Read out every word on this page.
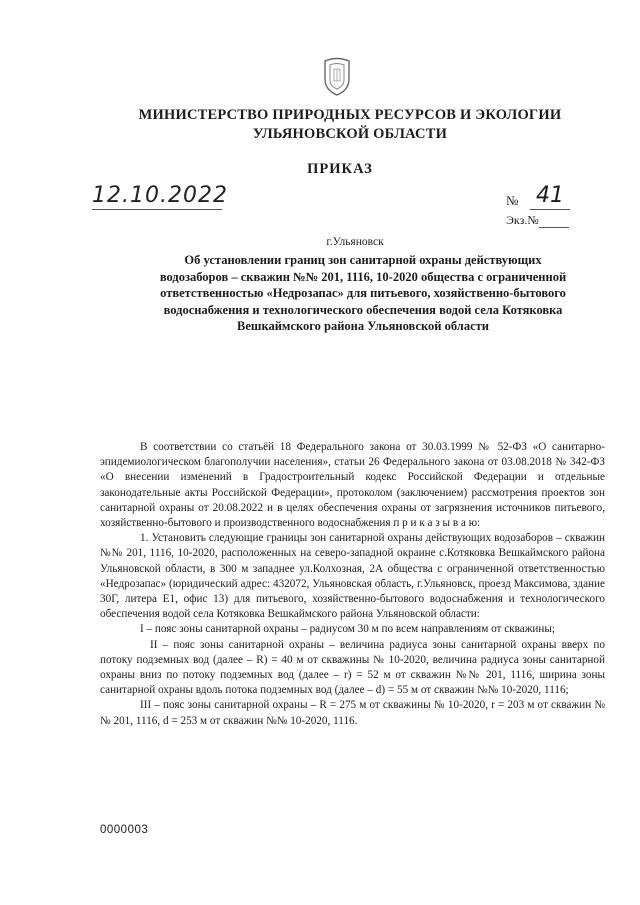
МИНИСТЕРСТВО ПРИРОДНЫХ РЕСУРСОВ И ЭКОЛОГИИ
УЛЬЯНОВСКОЙ ОБЛАСТИ
ПРИКАЗ
12.10.2022	№ 41
Экз.№
г.Ульяновск
Об установлении границ зон санитарной охраны действующих
водозаборов – скважин №№ 201, 1116, 10-2020 общества с ограниченной
ответственностью «Недрозапас» для питьевого, хозяйственно-бытового
водоснабжения и технологического обеспечения водой села Котяковка
Вешкаймского района Ульяновской области

В соответствии со статьёй 18 Федерального закона от 30.03.1999 № 52-ФЗ «О санитарно-эпидемиологическом благополучии населения», статьи 26 Федерального закона от 03.08.2018 № 342-ФЗ «О внесении изменений в Градостроительный кодекс Российской Федерации и отдельные законодательные акты Российской Федерации», протоколом (заключением) рассмотрения проектов зон санитарной охраны от 20.08.2022 и в целях обеспечения охраны от загрязнения источников питьевого, хозяйственно-бытового и производственного водоснабжения п р и к а з ы в а ю:

1. Установить следующие границы зон санитарной охраны действующих водозаборов – скважин №№ 201, 1116, 10-2020, расположенных на северо-западной окраине с.Котяковка Вешкаймского района Ульяновской области, в 300 м западнее ул.Колхозная, 2А общества с ограниченной ответственностью «Недрозапас» (юридический адрес: 432072, Ульяновская область, г.Ульяновск, проезд Максимова, здание 30Г, литера Е1, офис 13) для питьевого, хозяйственно-бытового водоснабжения и технологического обеспечения водой села Котяковка Вешкаймского района Ульяновской области:

I – пояс зоны санитарной охраны – радиусом 30 м по всем направлениям от скважины;

II – пояс зоны санитарной охраны – величина радиуса зоны санитарной охраны вверх по потоку подземных вод (далее – R) = 40 м от скважины № 10-2020, величина радиуса зоны санитарной охраны вниз по потоку подземных вод (далее – r) = 52 м от скважин №№ 201, 1116, ширина зоны санитарной охраны вдоль потока подземных вод (далее – d) = 55 м от скважин №№ 10-2020, 1116;

III – пояс зоны санитарной охраны – R = 275 м от скважины № 10-2020, r = 203 м от скважин №№ 201, 1116, d = 253 м от скважин №№ 10-2020, 1116.

0000003
